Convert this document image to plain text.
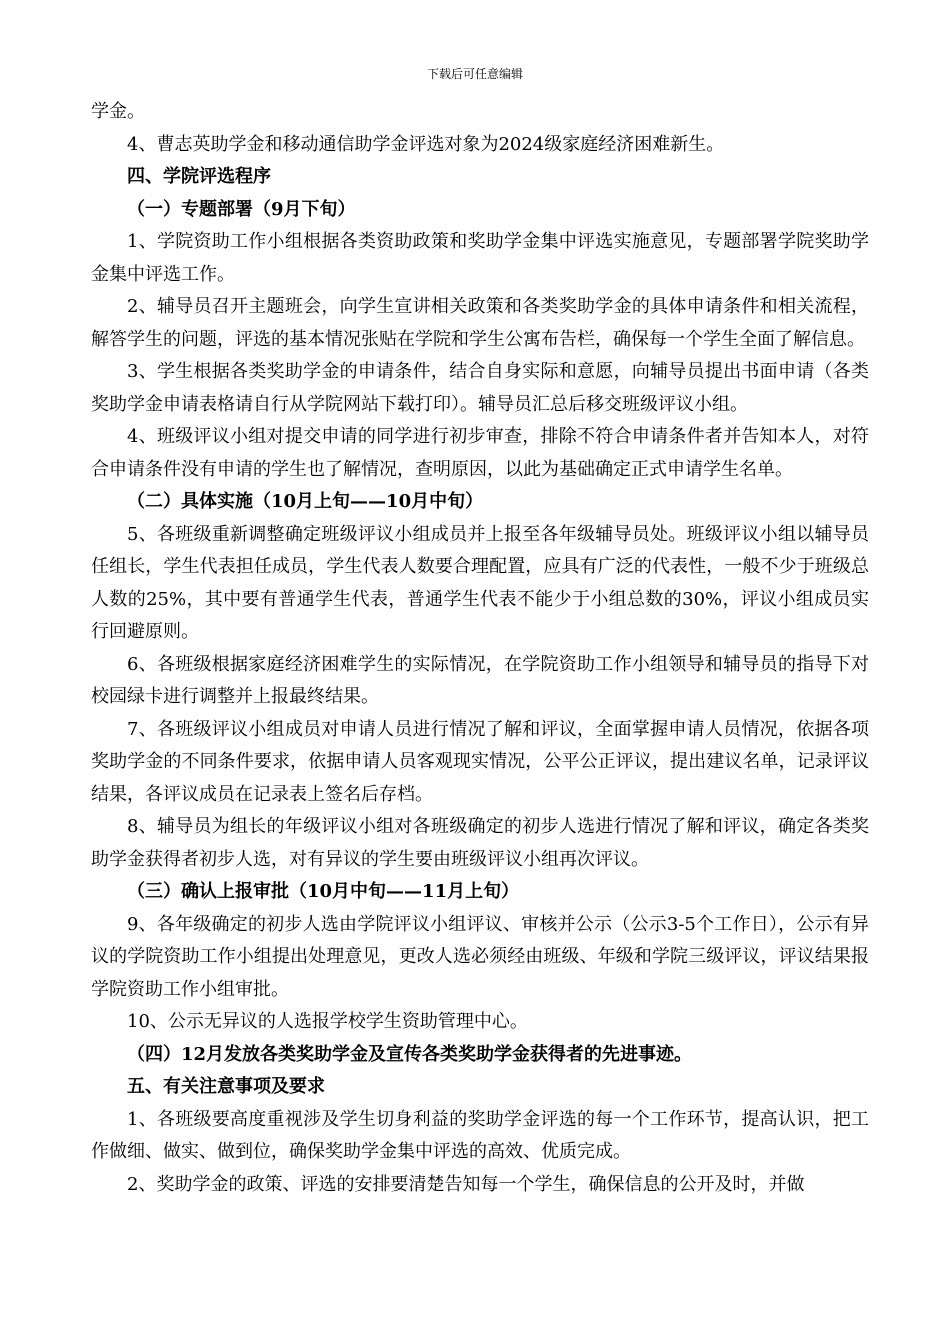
下载后可任意编辑

学金。

4、曹志英助学金和移动通信助学金评选对象为2024级家庭经济困难新生。

四、学院评选程序

（一）专题部署（9月下旬）

1、学院资助工作小组根据各类资助政策和奖助学金集中评选实施意见，专题部署学院奖助学金集中评选工作。

2、辅导员召开主题班会，向学生宣讲相关政策和各类奖助学金的具体申请条件和相关流程，解答学生的问题，评选的基本情况张贴在学院和学生公寓布告栏，确保每一个学生全面了解信息。

3、学生根据各类奖助学金的申请条件，结合自身实际和意愿，向辅导员提出书面申请（各类奖助学金申请表格请自行从学院网站下载打印）。辅导员汇总后移交班级评议小组。

4、班级评议小组对提交申请的同学进行初步审查，排除不符合申请条件者并告知本人，对符合申请条件没有申请的学生也了解情况，查明原因，以此为基础确定正式申请学生名单。

（二）具体实施（10月上旬——10月中旬）

5、各班级重新调整确定班级评议小组成员并上报至各年级辅导员处。班级评议小组以辅导员任组长，学生代表担任成员，学生代表人数要合理配置，应具有广泛的代表性，一般不少于班级总人数的25%，其中要有普通学生代表，普通学生代表不能少于小组总数的30%，评议小组成员实行回避原则。

6、各班级根据家庭经济困难学生的实际情况，在学院资助工作小组领导和辅导员的指导下对校园绿卡进行调整并上报最终结果。

7、各班级评议小组成员对申请人员进行情况了解和评议，全面掌握申请人员情况，依据各项奖助学金的不同条件要求，依据申请人员客观现实情况，公平公正评议，提出建议名单，记录评议结果，各评议成员在记录表上签名后存档。

8、辅导员为组长的年级评议小组对各班级确定的初步人选进行情况了解和评议，确定各类奖助学金获得者初步人选，对有异议的学生要由班级评议小组再次评议。

（三）确认上报审批（10月中旬——11月上旬）

9、各年级确定的初步人选由学院评议小组评议、审核并公示（公示3-5个工作日），公示有异议的学院资助工作小组提出处理意见，更改人选必须经由班级、年级和学院三级评议，评议结果报学院资助工作小组审批。

10、公示无异议的人选报学校学生资助管理中心。

（四）12月发放各类奖助学金及宣传各类奖助学金获得者的先进事迹。

五、有关注意事项及要求

1、各班级要高度重视涉及学生切身利益的奖助学金评选的每一个工作环节，提高认识，把工作做细、做实、做到位，确保奖助学金集中评选的高效、优质完成。

2、奖助学金的政策、评选的安排要清楚告知每一个学生，确保信息的公开及时，并做
